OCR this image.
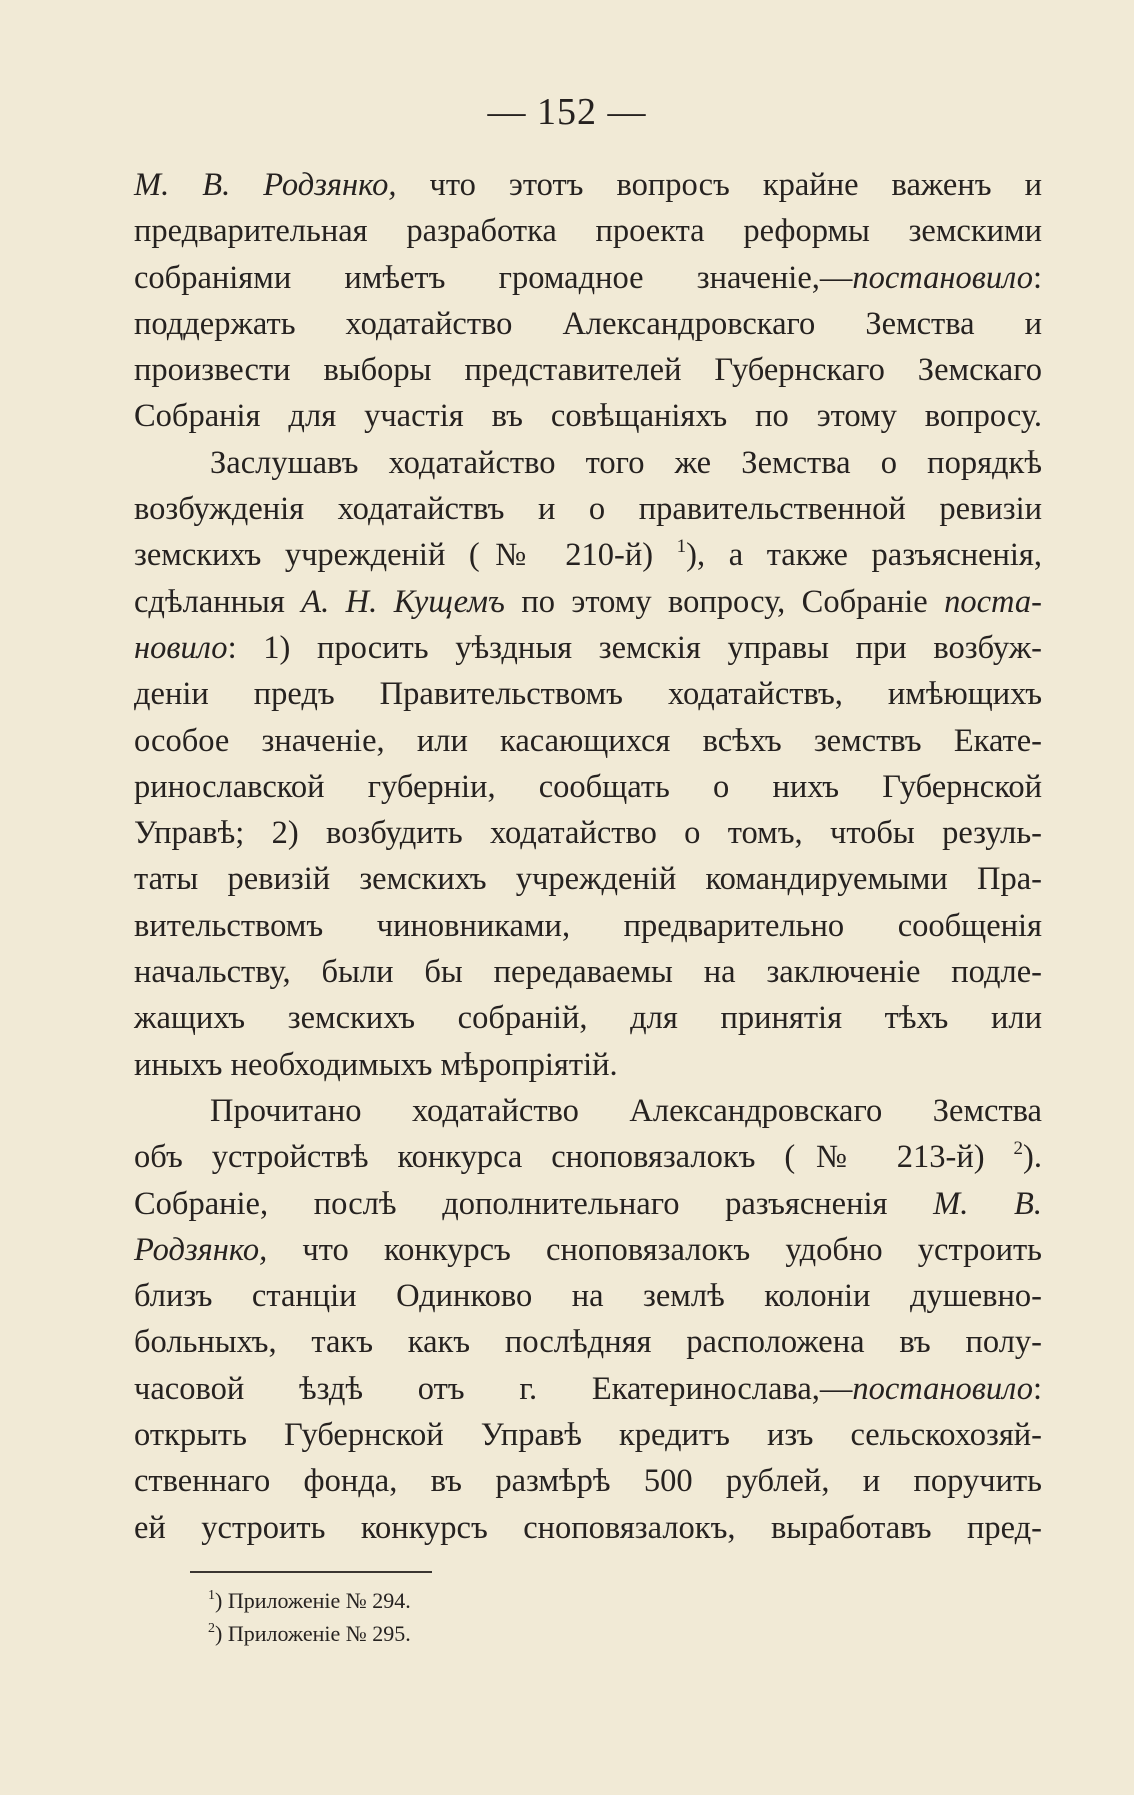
— 152 —
М. В. Родзянко, что этотъ вопросъ крайне важенъ и
предварительная разработка проекта реформы земскими
собраніями имѣетъ громадное значеніе,—постановило:
поддержать ходатайство Александровскаго Земства и
произвести выборы представителей Губернскаго Земскаго
Собранія для участія въ совѣщаніяхъ по этому вопросу.
Заслушавъ ходатайство того же Земства о порядкѣ
возбужденія ходатайствъ и о правительственной ревизіи
земскихъ учрежденій (№ 210-й) $^1$), а также разъясненія,
сдѣланныя А. Н. Кущемъ по этому вопросу, Собраніе поста-
новило: 1) просить уѣздныя земскія управы при возбуж-
деніи предъ Правительствомъ ходатайствъ, имѣющихъ
особое значеніе, или касающихся всѣхъ земствъ Екате-
ринославской губерніи, сообщать о нихъ Губернской
Управѣ; 2) возбудить ходатайство о томъ, чтобы резуль-
таты ревизій земскихъ учрежденій командируемыми Пра-
вительствомъ чиновниками, предварительно сообщенія
начальству, были бы передаваемы на заключеніе подле-
жащихъ земскихъ собраній, для принятія тѣхъ или
иныхъ необходимыхъ мѣропріятій.
Прочитано ходатайство Александровскаго Земства
объ устройствѣ конкурса сноповязалокъ (№ 213-й) $^2$).
Собраніе, послѣ дополнительнаго разъясненія М. В.
Родзянко, что конкурсъ сноповязалокъ удобно устроить
близъ станціи Одинково на землѣ колоніи душевно-
больныхъ, такъ какъ послѣдняя расположена въ полу-
часовой ѣздѣ отъ г. Екатеринослава,—постановило:
открыть Губернской Управѣ кредитъ изъ сельскохозяй-
ственнаго фонда, въ размѣрѣ 500 рублей, и поручить
ей устроить конкурсъ сноповязалокъ, выработавъ пред-
$^1$) Приложеніе № 294.
$^2$) Приложеніе № 295.
